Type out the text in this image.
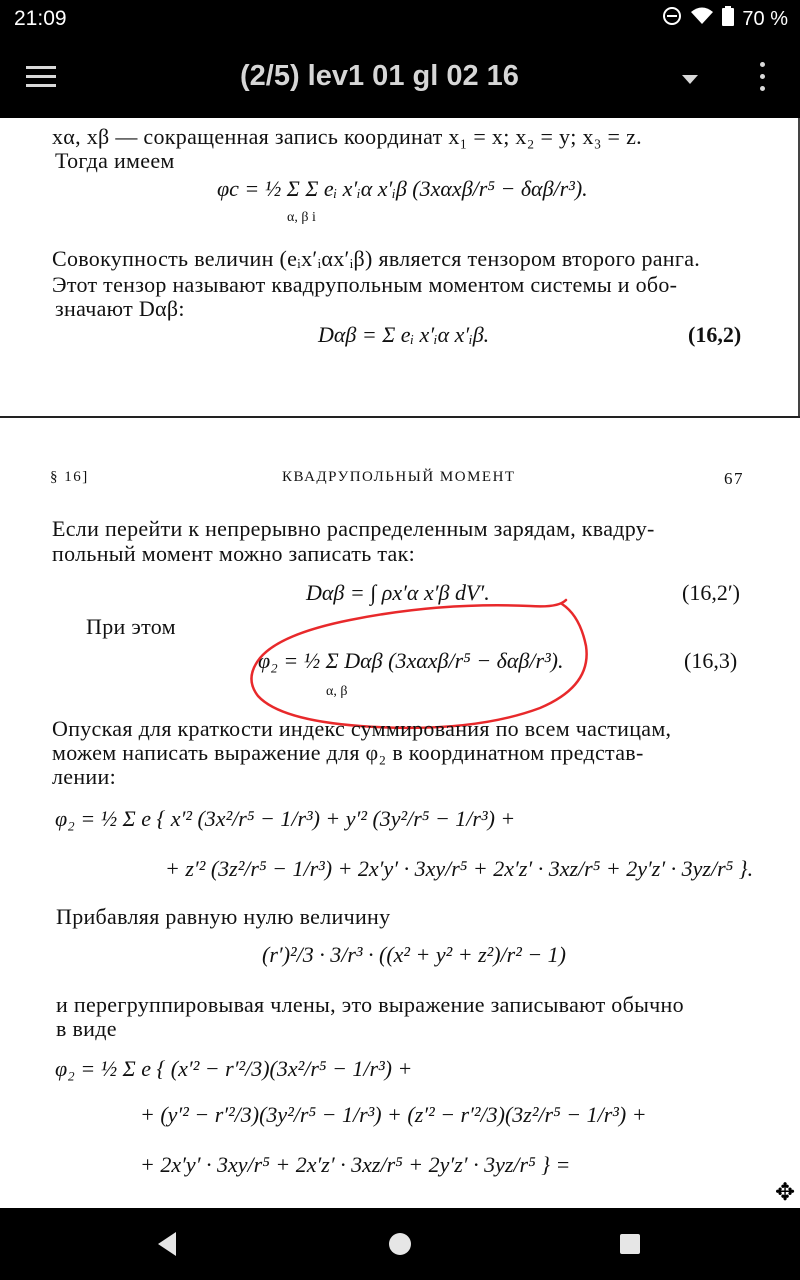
21:09	70 %
(2/5) lev1 01 gl 02 16
xα, xβ — сокращенная запись координат x₁ = x; x₂ = y; x₃ = z.
Тогда имеем
φc = ½ Σ Σ eᵢ x′ᵢα x′ᵢβ (3xαxβ/r⁵ − δαβ/r³).
α, β i
Совокупность величин (eᵢx′ᵢαx′ᵢβ) является тензором второго ранга.
Этот тензор называют квадрупольным моментом системы и обо-
значают Dαβ:
Dαβ = Σ eᵢ x′ᵢα x′ᵢβ.	(16,2)
§ 16]	КВАДРУПОЛЬНЫЙ МОМЕНТ	67
Если перейти к непрерывно распределенным зарядам, квадру-
польный момент можно записать так:
Dαβ = ∫ ρx′α x′β dV′.	(16,2′)
При этом
φ₂ = ½ Σ Dαβ (3xαxβ/r⁵ − δαβ/r³).
α, β
(16,3)
Опуская для краткости индекс суммирования по всем частицам,
можем написать выражение для φ₂ в координатном представ-
лении:
φ₂ = ½ Σ e { x′² (3x²/r⁵ − 1/r³) + y′² (3y²/r⁵ − 1/r³) +
+ z′² (3z²/r⁵ − 1/r³) + 2x′y′ · 3xy/r⁵ + 2x′z′ · 3xz/r⁵ + 2y′z′ · 3yz/r⁵ }.
Прибавляя равную нулю величину
(r′)²/3 · 3/r³ · ((x² + y² + z²)/r² − 1)
и перегруппировывая члены, это выражение записывают обычно
в виде
φ₂ = ½ Σ e { (x′² − r′²/3)(3x²/r⁵ − 1/r³) +
+ (y′² − r′²/3)(3y²/r⁵ − 1/r³) + (z′² − r′²/3)(3z²/r⁵ − 1/r³) +
+ 2x′y′ · 3xy/r⁵ + 2x′z′ · 3xz/r⁵ + 2y′z′ · 3yz/r⁵ } =
✥
